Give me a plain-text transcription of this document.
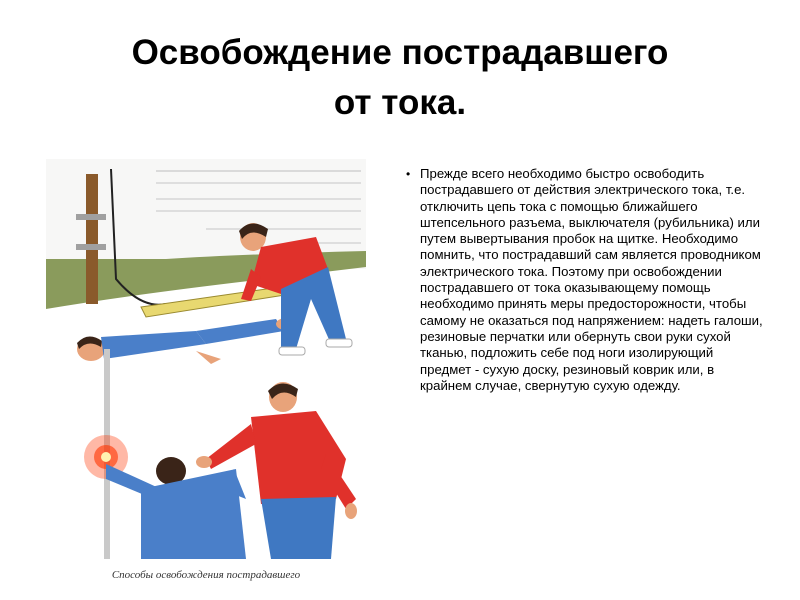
Освобождение пострадавшего
от тока.
Способы освобождения пострадавшего
• Прежде всего необходимо быстро освободить пострадавшего от действия электрического тока, т.е. отключить цепь тока с помощью ближайшего штепсельного разъема, выключателя (рубильника) или путем вывертывания пробок на щитке. Необходимо помнить, что пострадавший сам является проводником электрического тока. Поэтому при освобождении пострадавшего от тока оказывающему помощь необходимо принять меры предосторожности, чтобы самому не оказаться под напряжением: надеть галоши, резиновые перчатки или обернуть свои руки сухой тканью, подложить себе под ноги изолирующий предмет - сухую доску, резиновый коврик или, в крайнем случае, свернутую сухую одежду.
